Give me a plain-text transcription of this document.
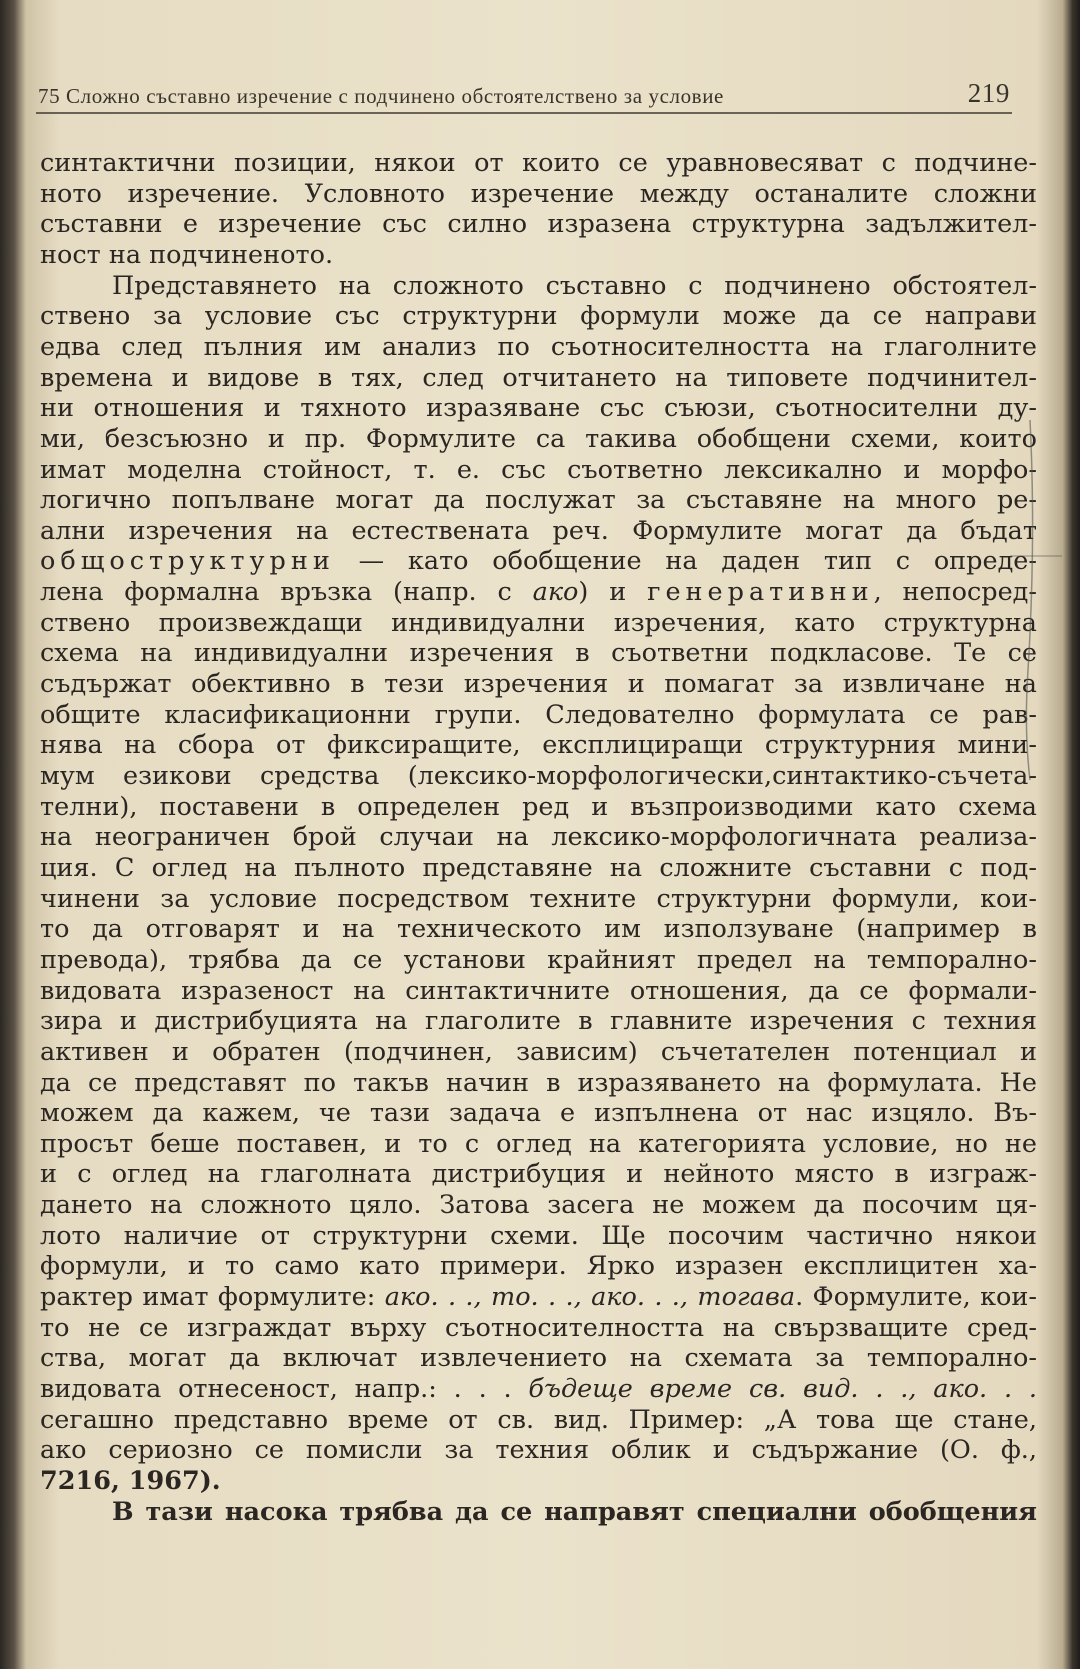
75 Сложно съставно изречение с подчинено обстоятелствено за условие	219
синтактични позиции, някои от които се уравновесяват с подчине-
ното изречение. Условното изречение между останалите сложни
съставни е изречение със силно изразена структурна задължител-
ност на подчиненото.
Представянето на сложното съставно с подчинено обстоятел-
ствено за условие със структурни формули може да се направи
едва след пълния им анализ по съотносителността на глаголните
времена и видове в тях, след отчитането на типовете подчинител-
ни отношения и тяхното изразяване със съюзи, съотносителни ду-
ми, безсъюзно и пр. Формулите са такива обобщени схеми, които
имат моделна стойност, т. е. със съответно лексикално и морфо-
логично попълване могат да послужат за съставяне на много ре-
ални изречения на естествената реч. Формулите могат да бъдат
общоструктурни — като обобщение на даден тип с опреде-
лена формална връзка (напр. с ако) и генеративни, непосред-
ствено произвеждащи индивидуални изречения, като структурна
схема на индивидуални изречения в съответни подкласове. Те се
съдържат обективно в тези изречения и помагат за извличане на
общите класификационни групи. Следователно формулата се рав-
нява на сбора от фиксиращите, експлициращи структурния мини-
мум езикови средства (лексико-морфологически,синтактико-съчета-
телни), поставени в определен ред и възпроизводими като схема
на неограничен брой случаи на лексико-морфологичната реализа-
ция. С оглед на пълното представяне на сложните съставни с под-
чинени за условие посредством техните структурни формули, кои-
то да отговарят и на техническото им използуване (например в
превода), трябва да се установи крайният предел на темпорално-
видовата изразеност на синтактичните отношения, да се формали-
зира и дистрибуцията на глаголите в главните изречения с техния
активен и обратен (подчинен, зависим) съчетателен потенциал и
да се представят по такъв начин в изразяването на формулата. Не
можем да кажем, че тази задача е изпълнена от нас изцяло. Въ-
просът беше поставен, и то с оглед на категорията условие, но не
и с оглед на глаголната дистрибуция и нейното място в изграж-
дането на сложното цяло. Затова засега не можем да посочим ця-
лото наличие от структурни схеми. Ще посочим частично някои
формули, и то само като примери. Ярко изразен експлицитен ха-
рактер имат формулите: ако. . ., то. . ., ако. . ., тогава. Формулите, кои-
то не се изграждат върху съотносителността на свързващите сред-
ства, могат да включат извлечението на схемата за темпорално-
видовата отнесеност, напр.: . . . бъдеще време св. вид. . ., ако. . .
сегашно представно време от св. вид. Пример: „А това ще стане,
ако сериозно се помисли за техния облик и съдържание (О. ф.,
7216, 1967).
В тази насока трябва да се направят специални обобщения
